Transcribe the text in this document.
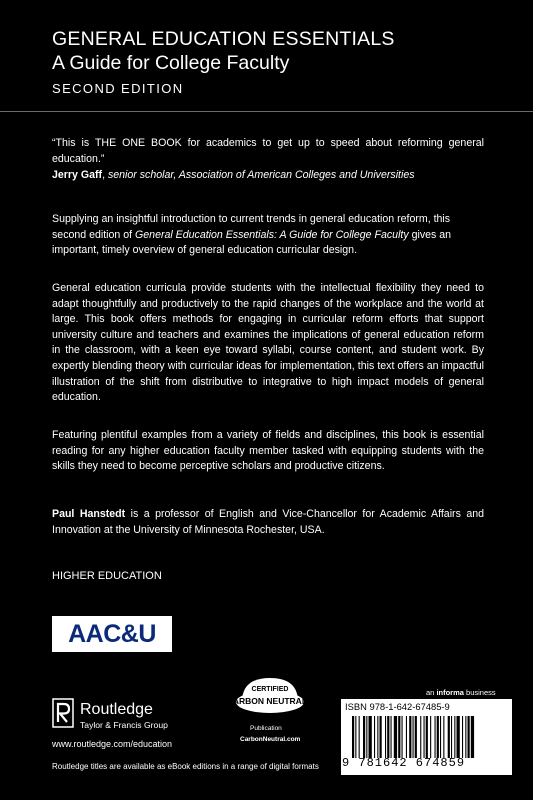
GENERAL EDUCATION ESSENTIALS
A Guide for College Faculty
SECOND EDITION
“This is THE ONE BOOK for academics to get up to speed about reforming general education.”
Jerry Gaff, senior scholar, Association of American Colleges and Universities
Supplying an insightful introduction to current trends in general education reform, this second edition of General Education Essentials: A Guide for College Faculty gives an important, timely overview of general education curricular design.
General education curricula provide students with the intellectual flexibility they need to adapt thoughtfully and productively to the rapid changes of the workplace and the world at large. This book offers methods for engaging in curricular reform efforts that support university culture and teachers and examines the implications of general education reform in the classroom, with a keen eye toward syllabi, course content, and student work. By expertly blending theory with curricular ideas for implementation, this text offers an impactful illustration of the shift from distributive to integrative to high impact models of general education.
Featuring plentiful examples from a variety of fields and disciplines, this book is essential reading for any higher education faculty member tasked with equipping students with the skills they need to become perceptive scholars and productive citizens.
Paul Hanstedt is a professor of English and Vice-Chancellor for Academic Affairs and Innovation at the University of Minnesota Rochester, USA.
HIGHER EDUCATION
AAC&U
Routledge
Taylor & Francis Group
www.routledge.com/education
CERTIFIED
CARBON NEUTRAL®
Publication
CarbonNeutral.com
an informa business
ISBN 978-1-642-67485-9
9 781642 674859
Routledge titles are available as eBook editions in a range of digital formats
